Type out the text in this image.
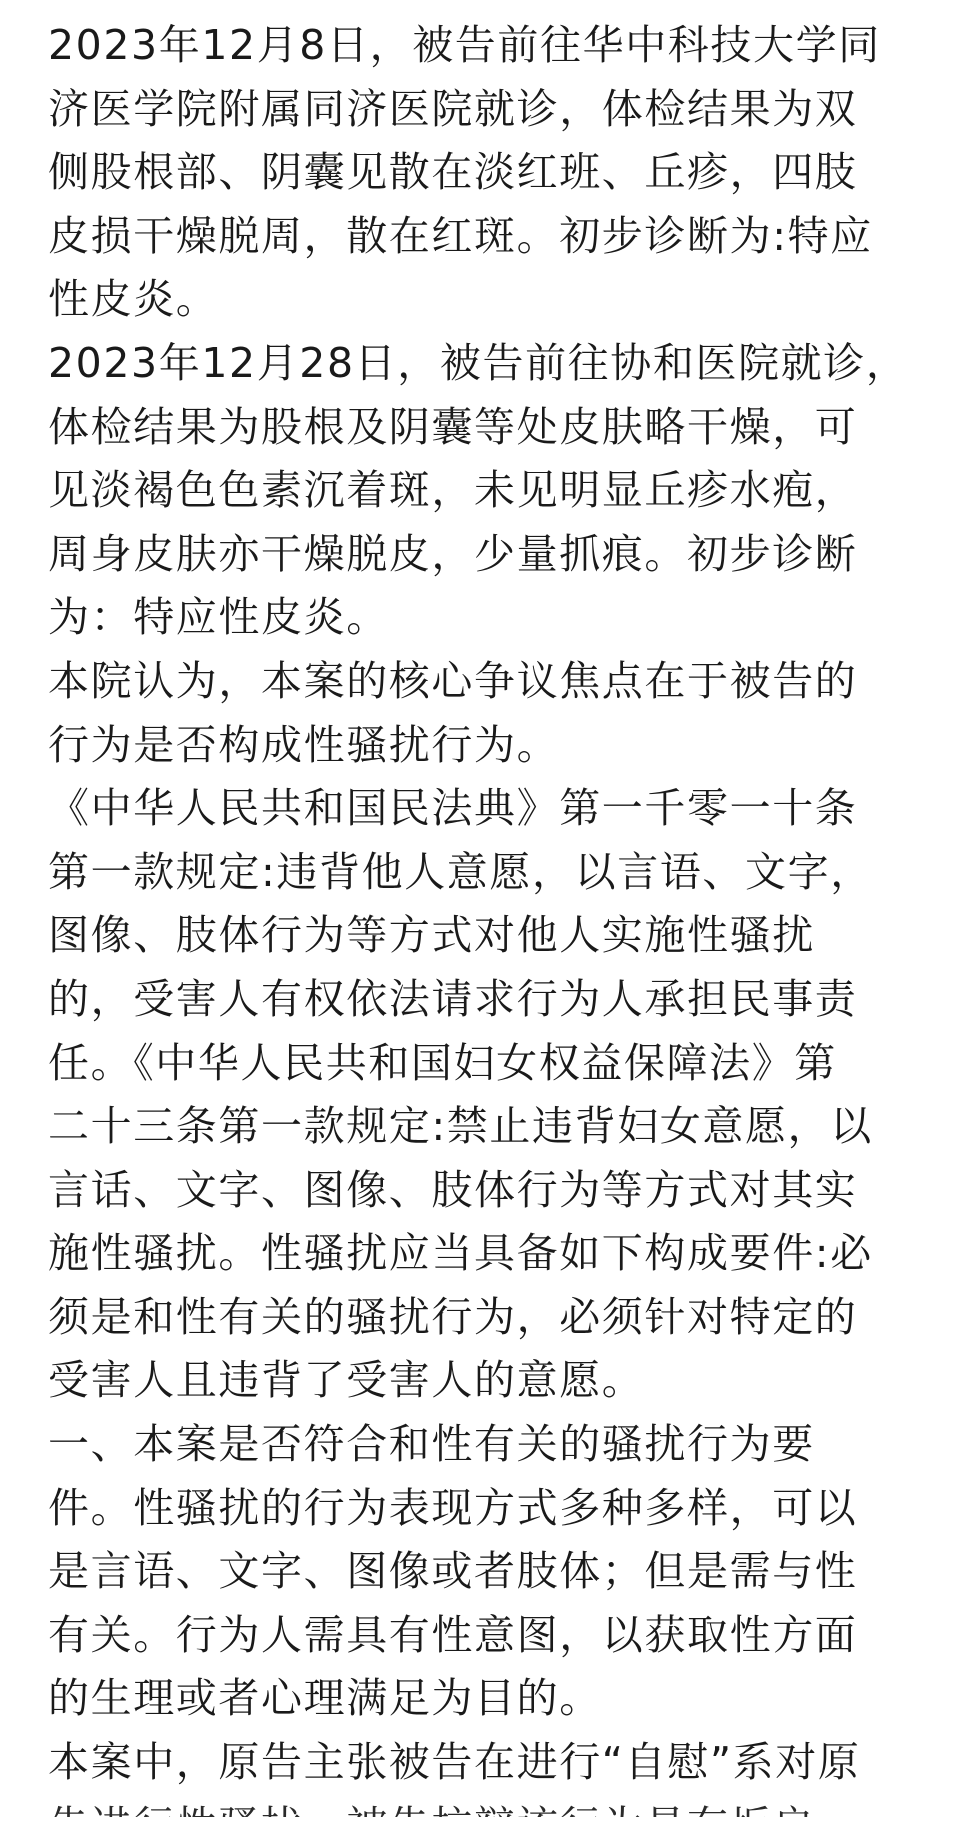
2023年12月8日，被告前往华中科技大学同
济医学院附属同济医院就诊，体检结果为双
侧股根部、阴囊见散在淡红班、丘疹，四肢
皮损干燥脱周，散在红斑。初步诊断为:特应
性皮炎。
2023年12月28日，被告前往协和医院就诊，
体检结果为股根及阴囊等处皮肤略干燥，可
见淡褐色色素沉着斑，未见明显丘疹水疱，
周身皮肤亦干燥脱皮，少量抓痕。初步诊断
为：特应性皮炎。
本院认为，本案的核心争议焦点在于被告的
行为是否构成性骚扰行为。
《中华人民共和国民法典》第一千零一十条
第一款规定:违背他人意愿，以言语、文字，
图像、肢体行为等方式对他人实施性骚扰
的，受害人有权依法请求行为人承担民事责
任。《中华人民共和国妇女权益保障法》第
二十三条第一款规定:禁止违背妇女意愿，以
言话、文字、图像、肢体行为等方式对其实
施性骚扰。性骚扰应当具备如下构成要件:必
须是和性有关的骚扰行为，必须针对特定的
受害人且违背了受害人的意愿。
一、本案是否符合和性有关的骚扰行为要
件。性骚扰的行为表现方式多种多样，可以
是言语、文字、图像或者肢体；但是需与性
有关。行为人需具有性意图，以获取性方面
的生理或者心理满足为目的。
本案中，原告主张被告在进行“自慰”系对原
